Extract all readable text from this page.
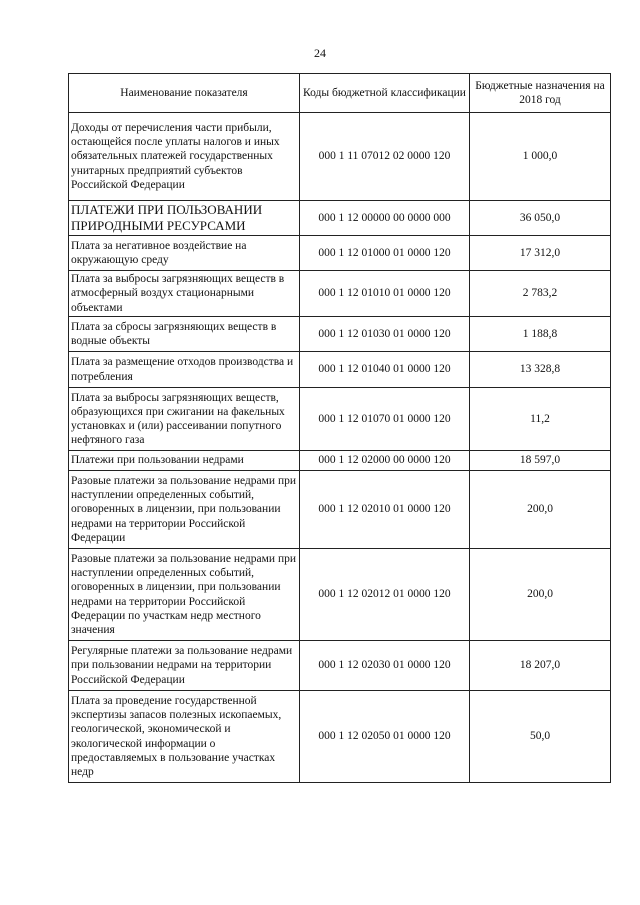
24
Наименование показателя	Коды бюджетной классификации	Бюджетные назначения на 2018 год
Доходы от перечисления части прибыли, остающейся после уплаты налогов и иных обязательных платежей государственных унитарных предприятий субъектов Российской Федерации	000 1 11 07012 02 0000 120	1 000,0
ПЛАТЕЖИ ПРИ ПОЛЬЗОВАНИИ ПРИРОДНЫМИ РЕСУРСАМИ	000 1 12 00000 00 0000 000	36 050,0
Плата за негативное воздействие на окружающую среду	000 1 12 01000 01 0000 120	17 312,0
Плата за выбросы загрязняющих веществ в атмосферный воздух стационарными объектами	000 1 12 01010 01 0000 120	2 783,2
Плата за сбросы загрязняющих веществ в водные объекты	000 1 12 01030 01 0000 120	1 188,8
Плата за размещение отходов производства и потребления	000 1 12 01040 01 0000 120	13 328,8
Плата за выбросы загрязняющих веществ, образующихся при сжигании на факельных установках и (или) рассеивании попутного нефтяного газа	000 1 12 01070 01 0000 120	11,2
Платежи при пользовании недрами	000 1 12 02000 00 0000 120	18 597,0
Разовые платежи за пользование недрами при наступлении определенных событий, оговоренных в лицензии, при пользовании недрами на территории Российской Федерации	000 1 12 02010 01 0000 120	200,0
Разовые платежи за пользование недрами при наступлении определенных событий, оговоренных в лицензии, при пользовании недрами на территории Российской Федерации по участкам недр местного значения	000 1 12 02012 01 0000 120	200,0
Регулярные платежи за пользование недрами при пользовании недрами на территории Российской Федерации	000 1 12 02030 01 0000 120	18 207,0
Плата за проведение государственной экспертизы запасов полезных ископаемых, геологической, экономической и экологической информации о предоставляемых в пользование участках недр	000 1 12 02050 01 0000 120	50,0
